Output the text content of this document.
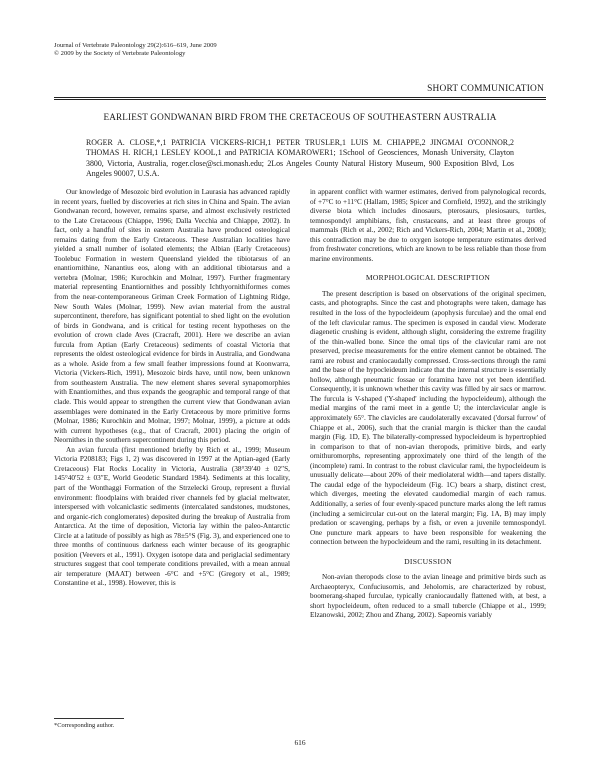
Journal of Vertebrate Paleontology 29(2):616–619, June 2009
© 2009 by the Society of Vertebrate Paleontology
SHORT COMMUNICATION
EARLIEST GONDWANAN BIRD FROM THE CRETACEOUS OF SOUTHEASTERN AUSTRALIA
ROGER A. CLOSE,*,1 PATRICIA VICKERS-RICH,1 PETER TRUSLER,1 LUIS M. CHIAPPE,2 JINGMAI O'CONNOR,2 THOMAS H. RICH,1 LESLEY KOOL,1 and PATRICIA KOMAROWER1; 1School of Geosciences, Monash University, Clayton 3800, Victoria, Australia, roger.close@sci.monash.edu; 2Los Angeles County Natural History Museum, 900 Exposition Blvd, Los Angeles 90007, U.S.A.

Our knowledge of Mesozoic bird evolution in Laurasia has advanced rapidly in recent years, fuelled by discoveries at rich sites in China and Spain. The avian Gondwanan record, however, remains sparse, and almost exclusively restricted to the Late Cretaceous (Chiappe, 1996; Dalla Vecchia and Chiappe, 2002). In fact, only a handful of sites in eastern Australia have produced osteological remains dating from the Early Cretaceous. These Australian localities have yielded a small number of isolated elements; the Albian (Early Cretaceous) Toolebuc Formation in western Queensland yielded the tibiotarsus of an enantiornithine, Nanantius eos, along with an additional tibiotarsus and a vertebra (Molnar, 1986; Kurochkin and Molnar, 1997). Further fragmentary material representing Enantiornithes and possibly Ichthyornithiformes comes from the near-contemporaneous Griman Creek Formation of Lightning Ridge, New South Wales (Molnar, 1999). New avian material from the austral supercontinent, therefore, has significant potential to shed light on the evolution of birds in Gondwana, and is critical for testing recent hypotheses on the evolution of crown clade Aves (Cracraft, 2001). Here we describe an avian furcula from Aptian (Early Cretaceous) sediments of coastal Victoria that represents the oldest osteological evidence for birds in Australia, and Gondwana as a whole. Aside from a few small feather impressions found at Koonwarra, Victoria (Vickers-Rich, 1991), Mesozoic birds have, until now, been unknown from southeastern Australia. The new element shares several synapomorphies with Enantiornithes, and thus expands the geographic and temporal range of that clade. This would appear to strengthen the current view that Gondwanan avian assemblages were dominated in the Early Cretaceous by more primitive forms (Molnar, 1986; Kurochkin and Molnar, 1997; Molnar, 1999), a picture at odds with current hypotheses (e.g., that of Cracraft, 2001) placing the origin of Neornithes in the southern supercontinent during this period.

An avian furcula (first mentioned briefly by Rich et al., 1999; Museum Victoria P208183; Figs 1, 2) was discovered in 1997 at the Aptian-aged (Early Cretaceous) Flat Rocks Locality in Victoria, Australia (38°39′40 ± 02″S, 145°40′52 ± 03″E, World Geodetic Standard 1984). Sediments at this locality, part of the Wonthaggi Formation of the Strzelecki Group, represent a fluvial environment: floodplains with braided river channels fed by glacial meltwater, interspersed with volcaniclastic sediments (intercalated sandstones, mudstones, and organic-rich conglomerates) deposited during the breakup of Australia from Antarctica. At the time of deposition, Victoria lay within the paleo-Antarctic Circle at a latitude of possibly as high as 78±5°S (Fig. 3), and experienced one to three months of continuous darkness each winter because of its geographic position (Veevers et al., 1991). Oxygen isotope data and periglacial sedimentary structures suggest that cool temperate conditions prevailed, with a mean annual air temperature (MAAT) between -6°C and +5°C (Gregory et al., 1989; Constantine et al., 1998). However, this is

in apparent conflict with warmer estimates, derived from palynological records, of +7°C to +11°C (Hallam, 1985; Spicer and Cornfield, 1992), and the strikingly diverse biota which includes dinosaurs, pterosaurs, plesiosaurs, turtles, temnospondyl amphibians, fish, crustaceans, and at least three groups of mammals (Rich et al., 2002; Rich and Vickers-Rich, 2004; Martin et al., 2008); this contradiction may be due to oxygen isotope temperature estimates derived from freshwater concretions, which are known to be less reliable than those from marine environments.

MORPHOLOGICAL DESCRIPTION

The present description is based on observations of the original specimen, casts, and photographs. Since the cast and photographs were taken, damage has resulted in the loss of the hypocleideum (apophysis furculae) and the omal end of the left clavicular ramus. The specimen is exposed in caudal view. Moderate diagenetic crushing is evident, although slight, considering the extreme fragility of the thin-walled bone. Since the omal tips of the clavicular rami are not preserved, precise measurements for the entire element cannot be obtained. The rami are robust and craniocaudally compressed. Cross-sections through the rami and the base of the hypocleideum indicate that the internal structure is essentially hollow, although pneumatic fossae or foramina have not yet been identified. Consequently, it is unknown whether this cavity was filled by air sacs or marrow. The furcula is V-shaped ('Y-shaped' including the hypocleideum), although the medial margins of the rami meet in a gentle U; the interclavicular angle is approximately 65°. The clavicles are caudolaterally excavated ('dorsal furrow' of Chiappe et al., 2006), such that the cranial margin is thicker than the caudal margin (Fig. 1D, E). The bilaterally-compressed hypocleideum is hypertrophied in comparison to that of non-avian theropods, primitive birds, and early ornithuromorphs, representing approximately one third of the length of the (incomplete) rami. In contrast to the robust clavicular rami, the hypocleideum is unusually delicate—about 20% of their mediolateral width—and tapers distally. The caudal edge of the hypocleideum (Fig. 1C) bears a sharp, distinct crest, which diverges, meeting the elevated caudomedial margin of each ramus. Additionally, a series of four evenly-spaced puncture marks along the left ramus (including a semicircular cut-out on the lateral margin; Fig. 1A, B) may imply predation or scavenging, perhaps by a fish, or even a juvenile temnospondyl. One puncture mark appears to have been responsible for weakening the connection between the hypocleideum and the rami, resulting in its detachment.

DISCUSSION

Non-avian theropods close to the avian lineage and primitive birds such as Archaeopteryx, Confuciusornis, and Jeholornis, are characterized by robust, boomerang-shaped furculae, typically craniocaudally flattened with, at best, a short hypocleideum, often reduced to a small tubercle (Chiappe et al., 1999; Elzanowski, 2002; Zhou and Zhang, 2002). Sapeornis variably

*Corresponding author.
616
